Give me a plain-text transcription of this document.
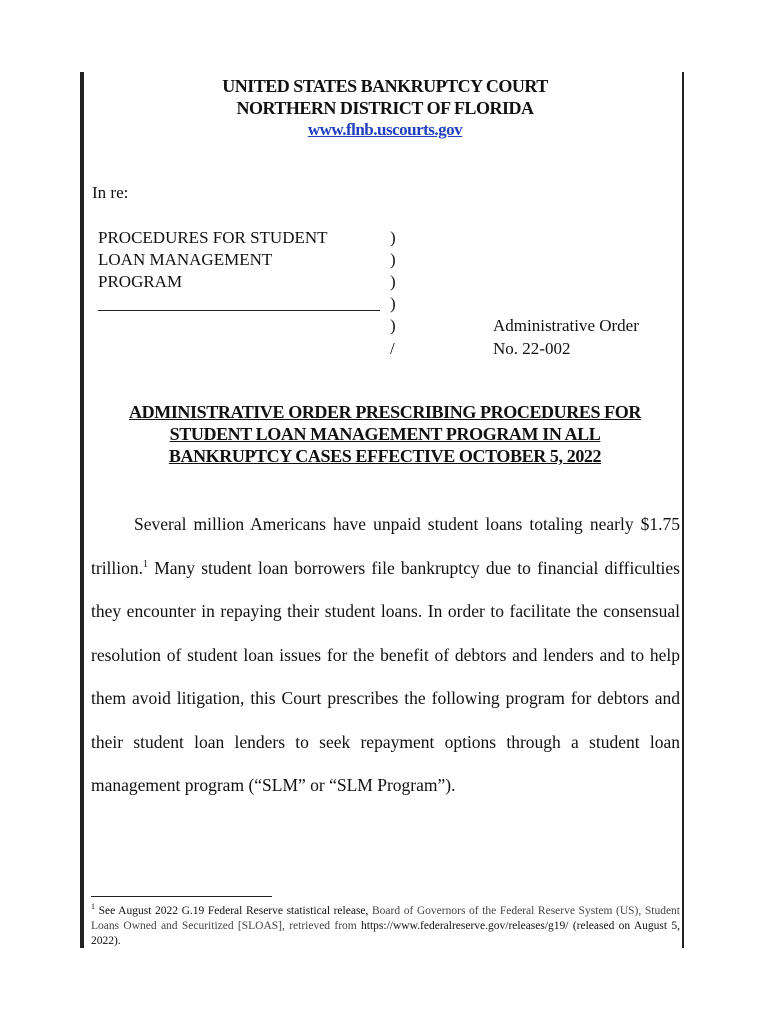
UNITED STATES BANKRUPTCY COURT
NORTHERN DISTRICT OF FLORIDA
www.flnb.uscourts.gov
In re:
PROCEDURES FOR STUDENT
LOAN MANAGEMENT
PROGRAM
)
)
)
)
)
/
Administrative Order
No. 22-002
ADMINISTRATIVE ORDER PRESCRIBING PROCEDURES FOR
STUDENT LOAN MANAGEMENT PROGRAM IN ALL
BANKRUPTCY CASES EFFECTIVE OCTOBER 5, 2022
Several million Americans have unpaid student loans totaling nearly $1.75 trillion.$^1$ Many student loan borrowers file bankruptcy due to financial difficulties they encounter in repaying their student loans. In order to facilitate the consensual resolution of student loan issues for the benefit of debtors and lenders and to help them avoid litigation, this Court prescribes the following program for debtors and their student loan lenders to seek repayment options through a student loan management program (“SLM” or “SLM Program”).
$^1$ See August 2022 G.19 Federal Reserve statistical release, Board of Governors of the Federal Reserve System (US), Student Loans Owned and Securitized [SLOAS], retrieved from https://www.federalreserve.gov/releases/g19/ (released on August 5, 2022).
